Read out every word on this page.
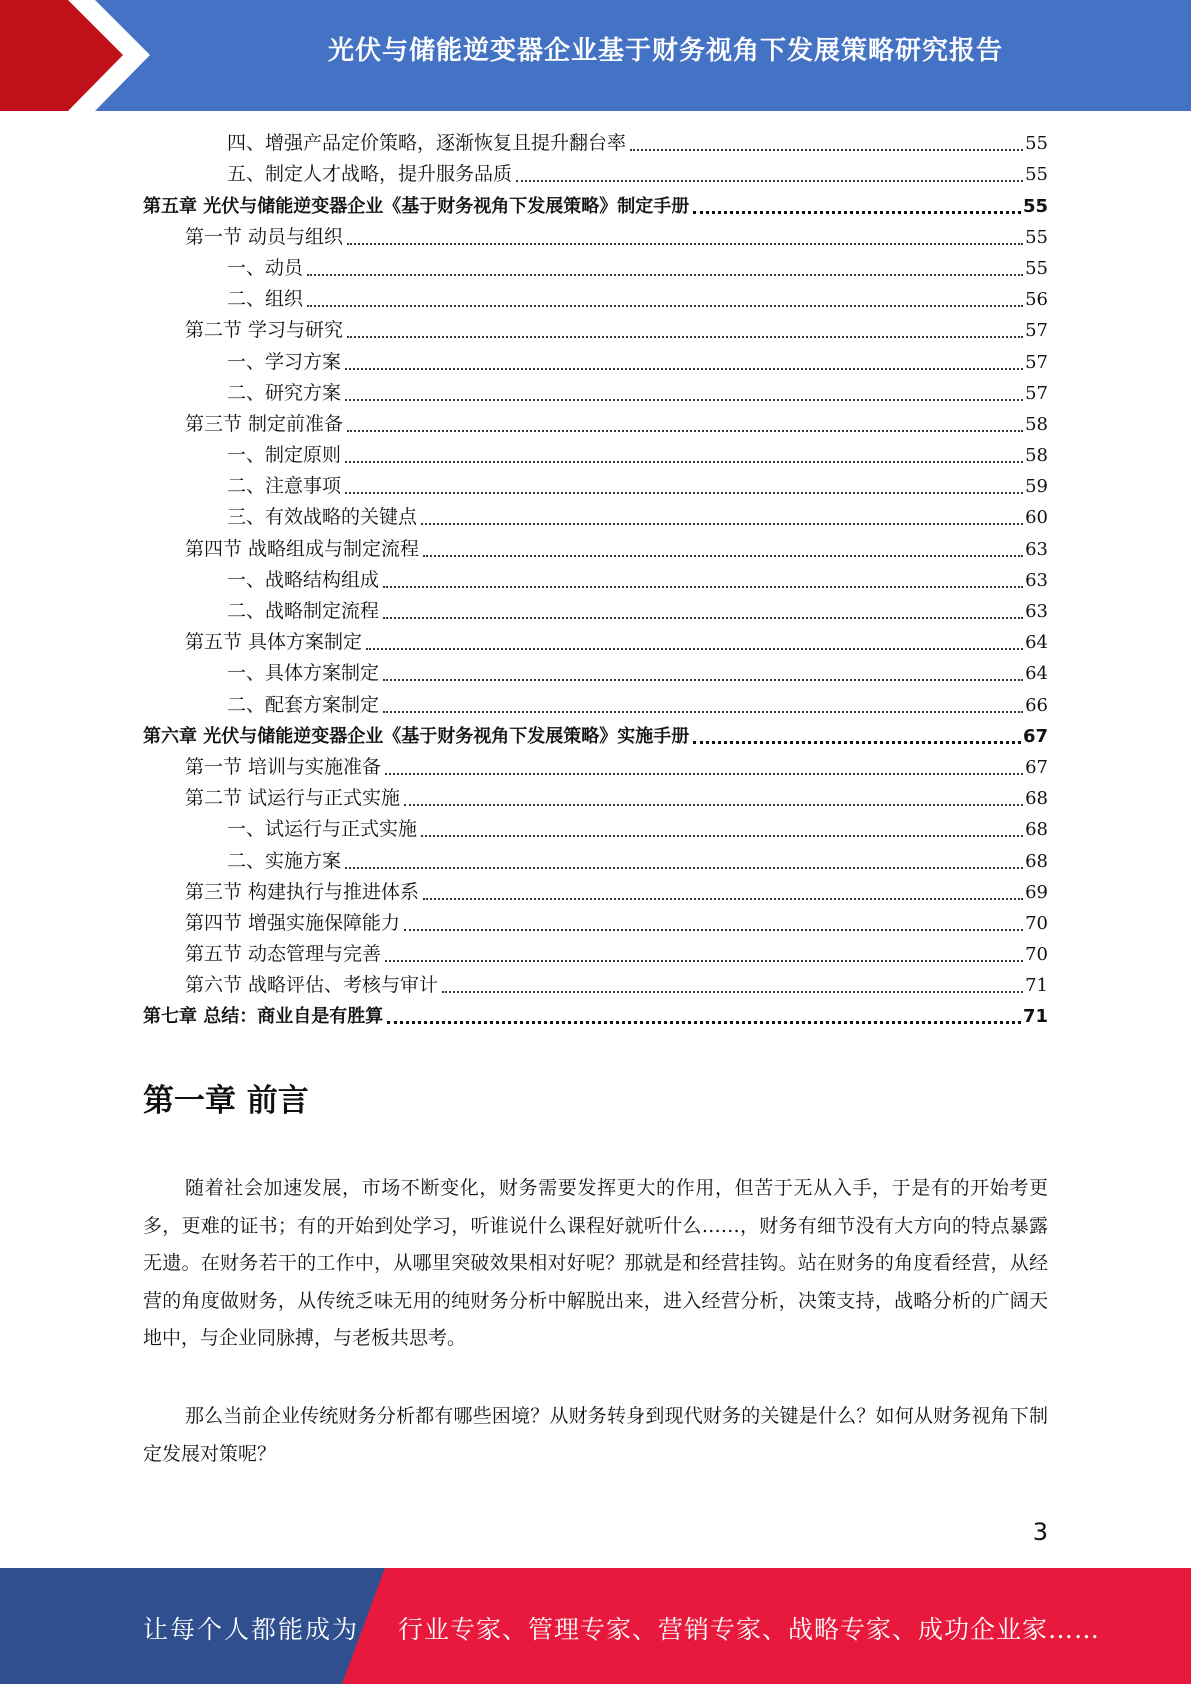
光伏与储能逆变器企业基于财务视角下发展策略研究报告
四、增强产品定价策略，逐渐恢复且提升翻台率	55
五、制定人才战略，提升服务品质	55
第五章 光伏与储能逆变器企业《基于财务视角下发展策略》制定手册	55
第一节 动员与组织	55
一、动员	55
二、组织	56
第二节 学习与研究	57
一、学习方案	57
二、研究方案	57
第三节 制定前准备	58
一、制定原则	58
二、注意事项	59
三、有效战略的关键点	60
第四节 战略组成与制定流程	63
一、战略结构组成	63
二、战略制定流程	63
第五节 具体方案制定	64
一、具体方案制定	64
二、配套方案制定	66
第六章 光伏与储能逆变器企业《基于财务视角下发展策略》实施手册	67
第一节 培训与实施准备	67
第二节 试运行与正式实施	68
一、试运行与正式实施	68
二、实施方案	68
第三节 构建执行与推进体系	69
第四节 增强实施保障能力	70
第五节 动态管理与完善	70
第六节 战略评估、考核与审计	71
第七章 总结：商业自是有胜算	71
第一章 前言

随着社会加速发展，市场不断变化，财务需要发挥更大的作用，但苦于无从入手，于是有的开始考更多，更难的证书；有的开始到处学习，听谁说什么课程好就听什么……，财务有细节没有大方向的特点暴露无遗。在财务若干的工作中，从哪里突破效果相对好呢？那就是和经营挂钩。站在财务的角度看经营，从经营的角度做财务，从传统乏味无用的纯财务分析中解脱出来，进入经营分析，决策支持，战略分析的广阔天地中，与企业同脉搏，与老板共思考。

那么当前企业传统财务分析都有哪些困境？从财务转身到现代财务的关键是什么？如何从财务视角下制定发展对策呢？

3
让每个人都能成为 行业专家、管理专家、营销专家、战略专家、成功企业家……
